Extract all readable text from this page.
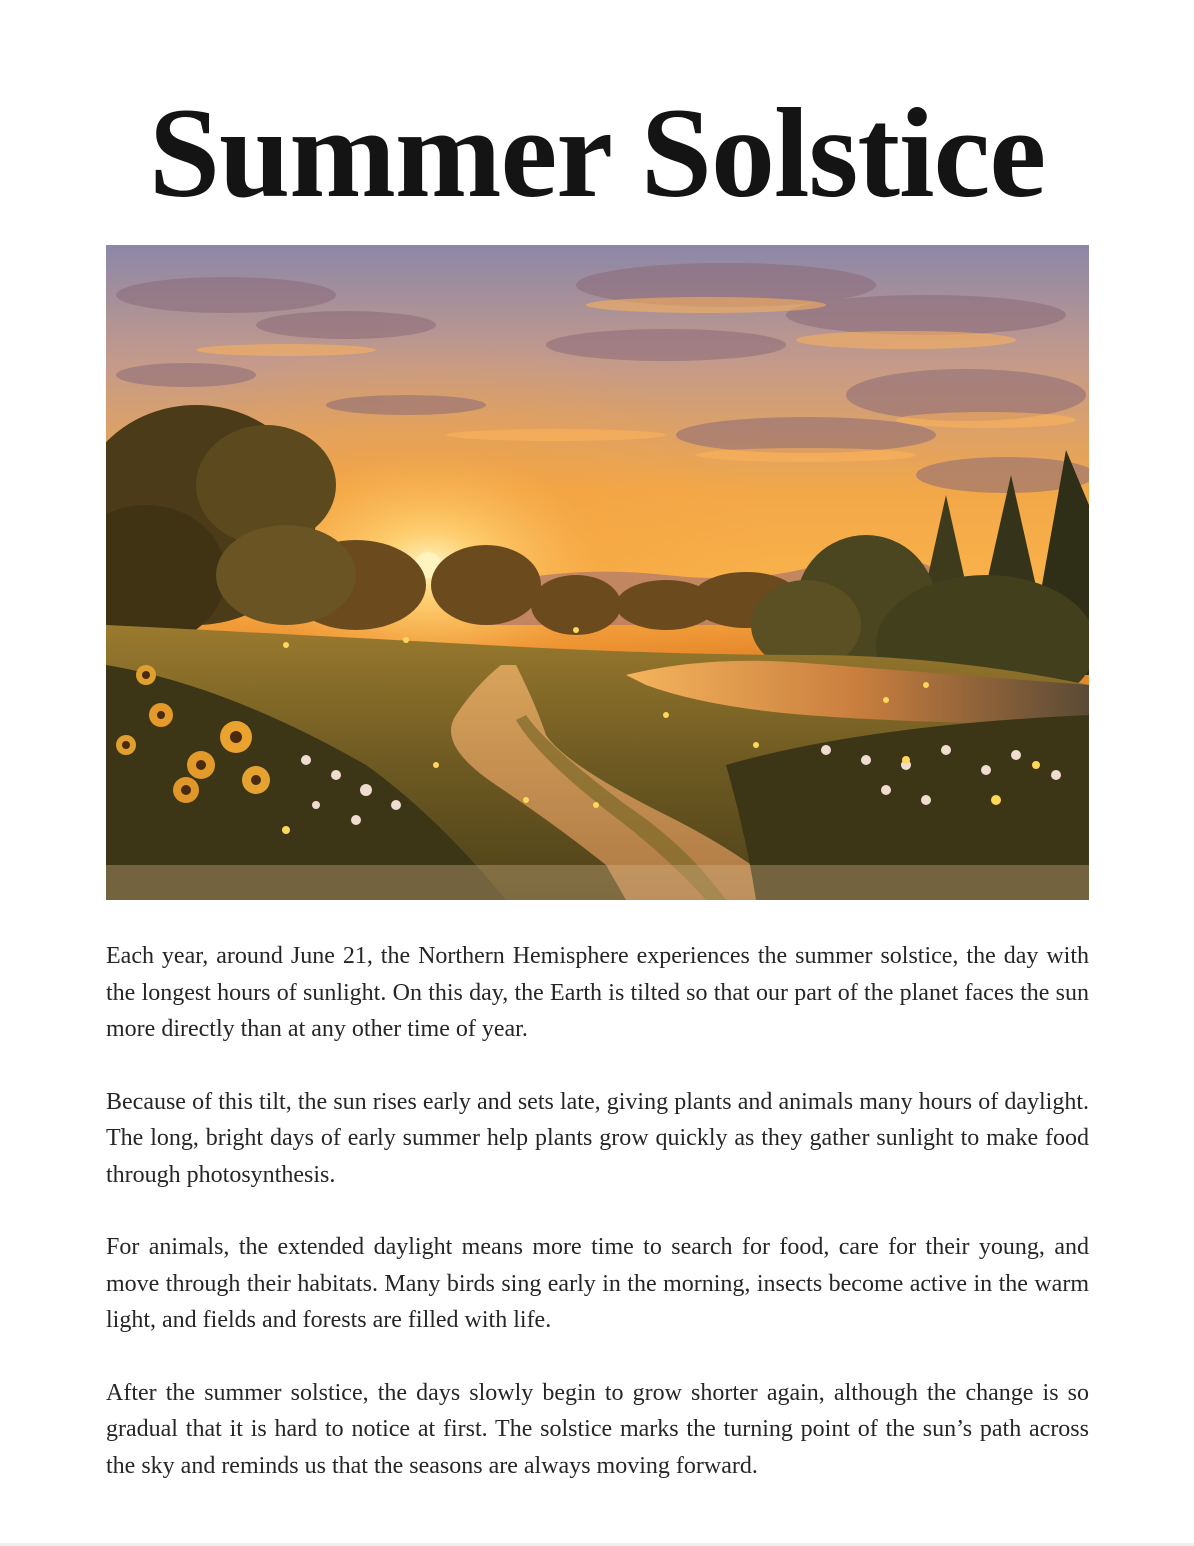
Summer Solstice

Each year, around June 21, the Northern Hemisphere experiences the summer solstice, the day with the longest hours of sunlight. On this day, the Earth is tilted so that our part of the planet faces the sun more directly than at any other time of year.

Because of this tilt, the sun rises early and sets late, giving plants and animals many hours of daylight. The long, bright days of early summer help plants grow quickly as they gather sunlight to make food through photosynthesis.

For animals, the extended daylight means more time to search for food, care for their young, and move through their habitats. Many birds sing early in the morning, insects become active in the warm light, and fields and forests are filled with life.

After the summer solstice, the days slowly begin to grow shorter again, although the change is so gradual that it is hard to notice at first. The solstice marks the turning point of the sun’s path across the sky and reminds us that the seasons are always moving forward.
